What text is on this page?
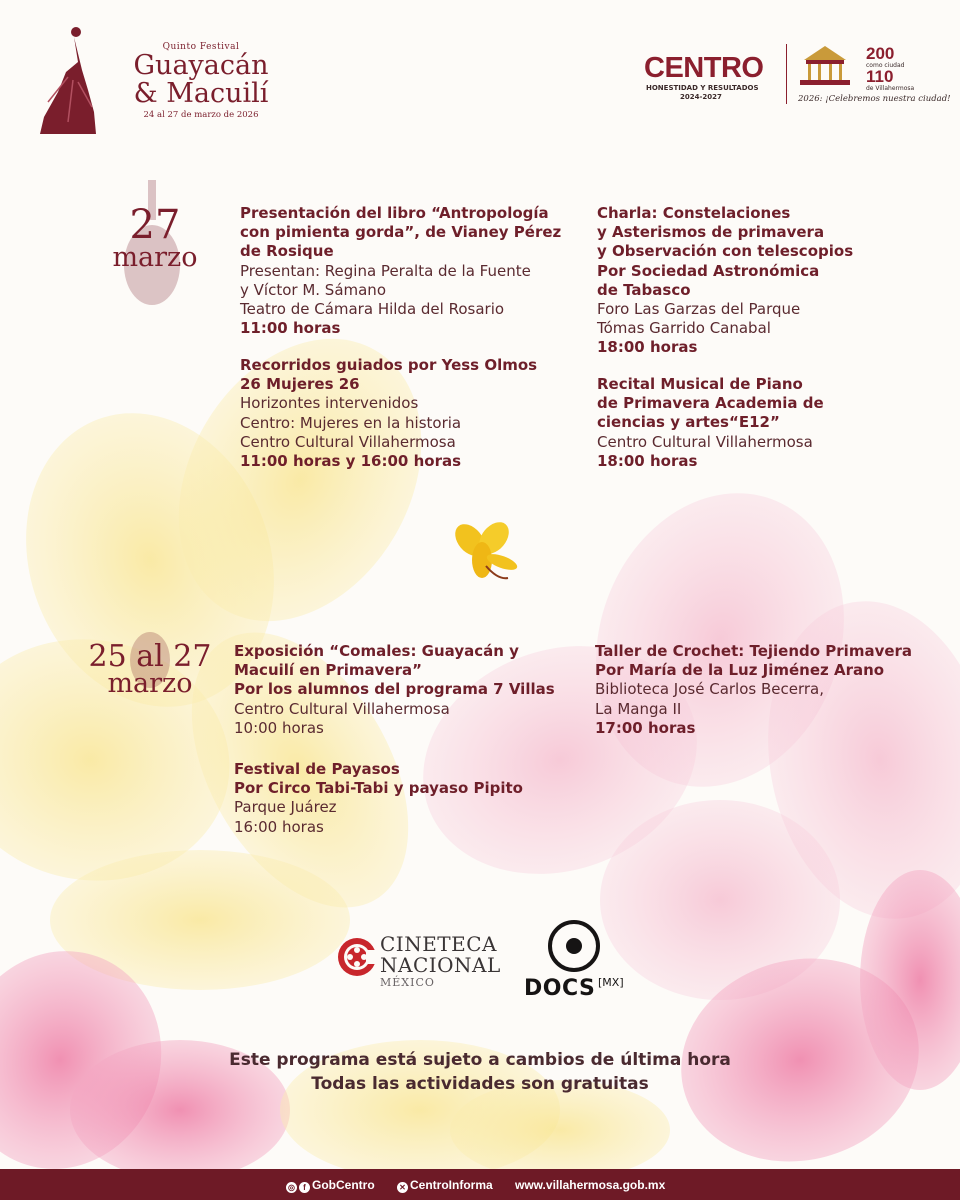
Quinto Festival
Guayacán
& Macuilí
24 al 27 de marzo de 2026
CENTRO
HONESTIDAD Y RESULTADOS
2024-2027
200
como ciudad
110
de Villahermosa
2026: ¡Celebremos nuestra ciudad!
27
marzo
Presentación del libro “Antropología
con pimienta gorda”, de Vianey Pérez
de Rosique
Presentan: Regina Peralta de la Fuente
y Víctor M. Sámano
Teatro de Cámara Hilda del Rosario
11:00 horas
Recorridos guiados por Yess Olmos
26 Mujeres 26
Horizontes intervenidos
Centro: Mujeres en la historia
Centro Cultural Villahermosa
11:00 horas y 16:00 horas
Charla: Constelaciones
y Asterismos de primavera
y Observación con telescopios
Por Sociedad Astronómica
de Tabasco
Foro Las Garzas del Parque
Tómas Garrido Canabal
18:00 horas
Recital Musical de Piano
de Primavera Academia de
ciencias y artes“E12”
Centro Cultural Villahermosa
18:00 horas
25 al 27
marzo
Exposición “Comales: Guayacán y
Macuilí en Primavera”
Por los alumnos del programa 7 Villas
Centro Cultural Villahermosa
10:00 horas
Festival de Payasos
Por Circo Tabi-Tabi y payaso Pipito
Parque Juárez
16:00 horas
Taller de Crochet: Tejiendo Primavera
Por María de la Luz Jiménez Arano
Biblioteca José Carlos Becerra,
La Manga II
17:00 horas
CINETECA
NACIONAL
MÉXICO	DOCS [MX]
Este programa está sujeto a cambios de última hora
Todas las actividades son gratuitas
◎ f GobCentro	✕ CentroInforma www.villahermosa.gob.mx
